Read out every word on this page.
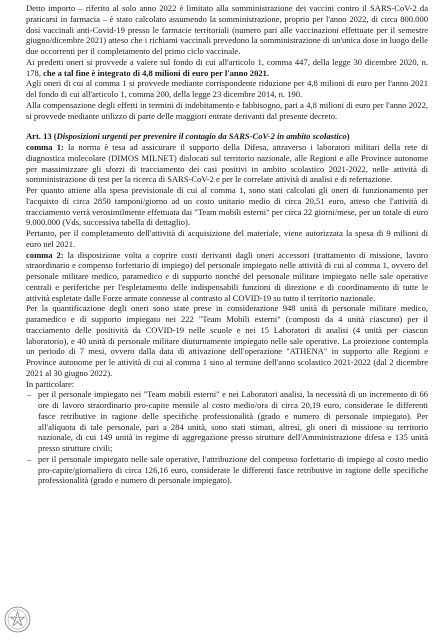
Detto importo – riferito al solo anno 2022 è limitato alla somministrazione dei vaccini contro il SARS-CoV-2 da praticarsi in farmacia – è stato calcolato assumendo la somministrazione, proprio per l'anno 2022, di circa 800.000 dosi vaccinali anti-Covid-19 presso le farmacie territoriali (numero pari alle vaccinazioni effettuate per il semestre giugno/dicembre 2021) atteso che i richiami vaccinali prevedono la somministrazione di un'unica dose in luogo delle due occorrenti per il completamento del primo ciclo vaccinale.

Ai predetti oneri si provvede a valere sul fondo di cui all'articolo 1, comma 447, della legge 30 dicembre 2020, n. 178, che a tal fine è integrato di 4,8 milioni di euro per l'anno 2021.

Agli oneri di cui al comma 1 si provvede mediante corrispondente riduzione per 4,8 milioni di euro per l'anno 2021 del fondo di cui all'articolo 1, comma 200, della legge 23 dicembre 2014, n. 190.

Alla compensazione degli effetti in termini di indebitamento e fabbisogno, pari a 4,8 milioni di euro per l'anno 2022, si provvede mediante utilizzo di parte delle maggiori entrate derivanti dal presente decreto.

Art. 13 (Disposizioni urgenti per prevenire il contagio da SARS-CoV-2 in ambito scolastico)

comma 1: la norma è tesa ad assicurare il supporto della Difesa, attraverso i laboratori militari della rete di diagnostica molecolare (DIMOS MILNET) dislocati sul territorio nazionale, alle Regioni e alle Province autonome per massimizzare gli sforzi di tracciamento dei casi positivi in ambito scolastico 2021-2022, nelle attività di somministrazione di test per la ricerca di SARS-CoV-2 e per le correlate attività di analisi e di refertazione.

Per quanto attiene alla spesa previsionale di cui al comma 1, sono stati calcolati gli oneri di funzionamento per l'acquisto di circa 2850 tamponi/giorno ad un costo unitario medio di circa 20,51 euro, atteso che l'attività di tracciamento verrà verosimilmente effettuata dai "Team mobili esterni" per circa 22 giorni/mese, per un totale di euro 9.000.000 (Vds, successiva tabella di dettaglio).

Pertanto, per il completamento dell'attività di acquisizione del materiale, viene autorizzata la spesa di 9 milioni di euro nel 2021.

comma 2: la disposizione volta a coprire costi derivanti dagli oneri accessori (trattamento di missione, lavoro straordinario e compenso forfettario di impiego) del personale impiegato nelle attività di cui al comma 1, ovvero del personale militare medico, paramedico e di supporto nonché del personale militare impiegato nelle sale operative centrali e periferiche per l'espletamento delle indispensabili funzioni di direzione e di coordinamento di tutte le attività espletate dalle Forze armate connesse al contrasto al COVID-19 su tutto il territorio nazionale.

Per la quantificazione degli oneri sono state prese in considerazione 948 unità di personale militare medico, paramedico e di supporto impiegato nei 222 "Team Mobili esterni" (composti da 4 unità ciascuno) per il tracciamento delle positività da COVID-19 nelle scuole e nei 15 Laboratori di analisi (4 unità per ciascun laboratorio), e 40 unità di personale militare diuturnamente impiegato nelle sale operative. La proiezione contempla un periodo di 7 mesi, ovvero dalla data di attivazione dell'operazione "ATHENA" in supporto alle Regioni e Province autonome per le attività di cui al comma 1 sino al termine dell'anno scolastico 2021-2022 (dal 2 dicembre 2021 al 30 giugno 2022).

In particolare:

– per il personale impiegato nei "Team mobili esterni" e nei Laboratori analisi, la necessità di un incremento di 66 ore di lavoro straordinario pro-capite mensile al costo medio/ora di circa 20,19 euro, considerate le differenti fasce retributive in ragione delle specifiche professionalità (grado e numero di personale impiegato). Per all'aliquota di tale personale, pari a 284 unità, sono stati stimati, altresì, gli oneri di missione su territorio nazionale, di cui 149 unità in regime di aggregazione presso strutture dell'Amministrazione difesa e 135 unità presso strutture civili;
– per il personale impiegato nelle sale operative, l'attribuzione del compenso forfettario di impiego al costo medio pro-capite/giornaliero di circa 126,16 euro, considerate le differenti fasce retributive in ragione delle specifiche professionalità (grado e numero di personale impiegato).
